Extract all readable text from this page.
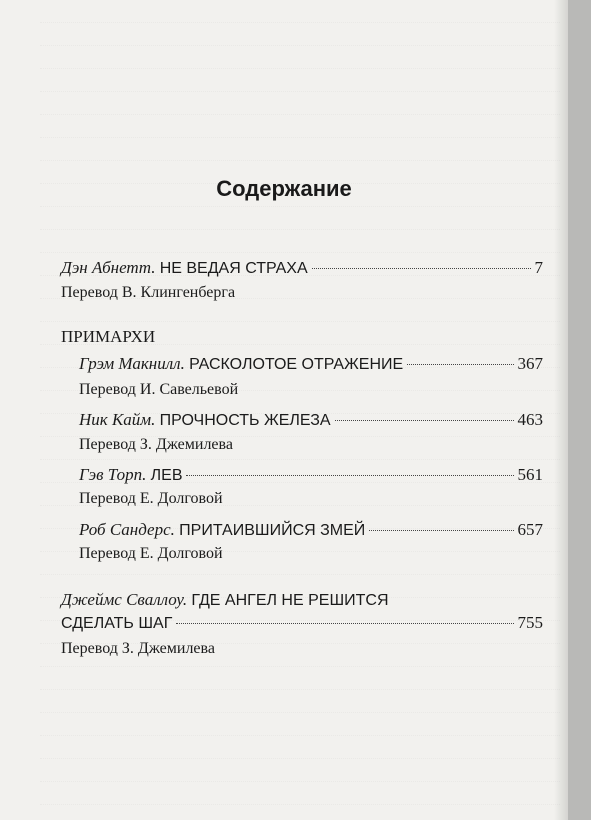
Содержание
Дэн Абнетт. НЕ ВЕДАЯ СТРАХА	7
Перевод В. Клингенберга
ПРИМАРХИ
Грэм Макнилл. РАСКОЛОТОЕ ОТРАЖЕНИЕ	367
Перевод И. Савельевой
Ник Кайм. ПРОЧНОСТЬ ЖЕЛЕЗА	463
Перевод З. Джемилева
Гэв Торп. ЛЕВ	561
Перевод Е. Долговой
Роб Сандерс. ПРИТАИВШИЙСЯ ЗМЕЙ	657
Перевод Е. Долговой
Джеймс Сваллоу. ГДЕ АНГЕЛ НЕ РЕШИТСЯ
СДЕЛАТЬ ШАГ	755
Перевод З. Джемилева
